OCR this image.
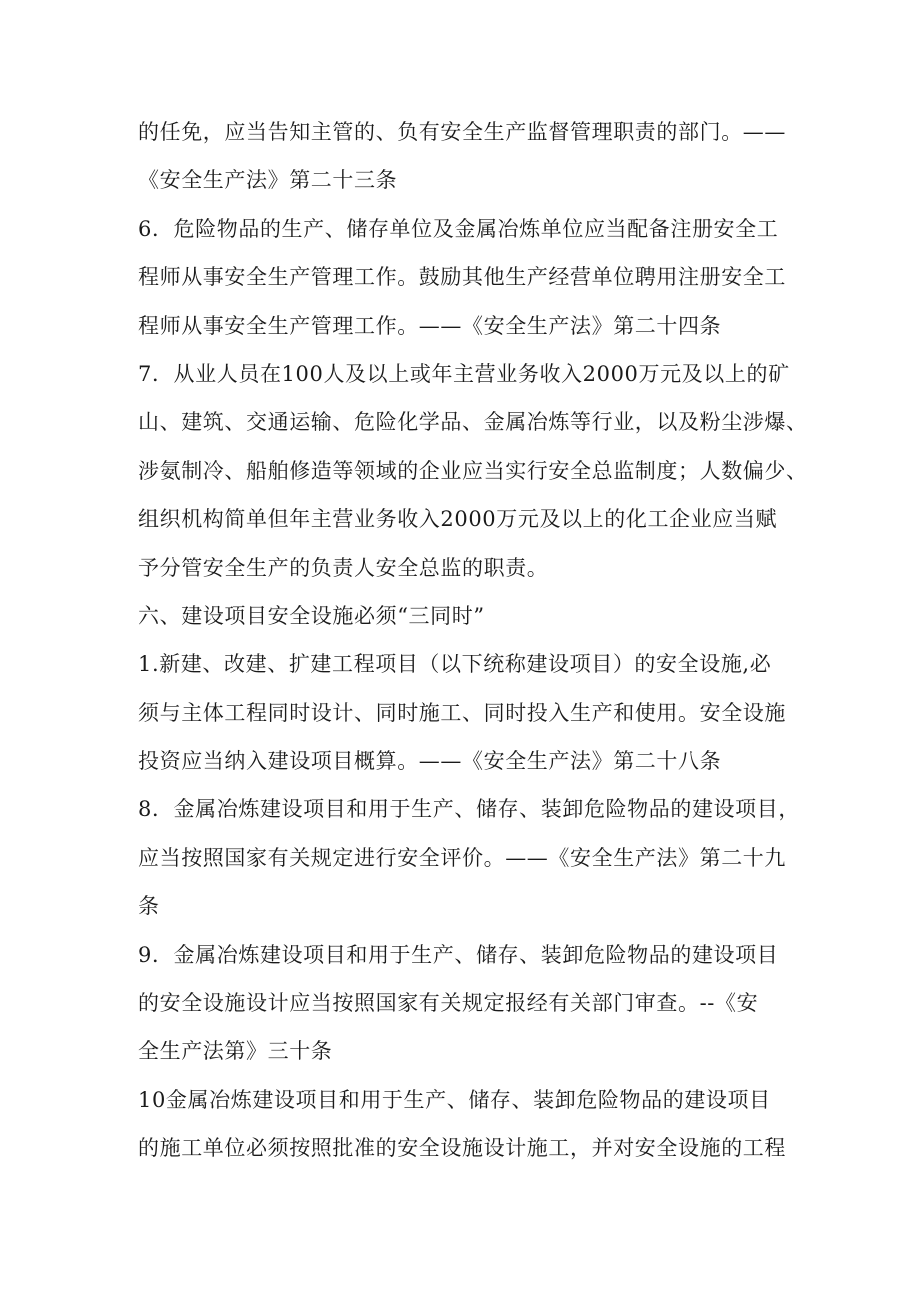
的任免，应当告知主管的、负有安全生产监督管理职责的部门。——
《安全生产法》第二十三条
6．危险物品的生产、储存单位及金属冶炼单位应当配备注册安全工
程师从事安全生产管理工作。鼓励其他生产经营单位聘用注册安全工
程师从事安全生产管理工作。——《安全生产法》第二十四条
7．从业人员在100人及以上或年主营业务收入2000万元及以上的矿
山、建筑、交通运输、危险化学品、金属冶炼等行业，以及粉尘涉爆、
涉氨制冷、船舶修造等领域的企业应当实行安全总监制度；人数偏少、
组织机构简单但年主营业务收入2000万元及以上的化工企业应当赋
予分管安全生产的负责人安全总监的职责。
六、建设项目安全设施必须“三同时”
1.新建、改建、扩建工程项目（以下统称建设项目）的安全设施,必
须与主体工程同时设计、同时施工、同时投入生产和使用。安全设施
投资应当纳入建设项目概算。——《安全生产法》第二十八条
8．金属冶炼建设项目和用于生产、储存、装卸危险物品的建设项目，
应当按照国家有关规定进行安全评价。——《安全生产法》第二十九
条
9．金属冶炼建设项目和用于生产、储存、装卸危险物品的建设项目
的安全设施设计应当按照国家有关规定报经有关部门审查。--《安
全生产法第》三十条
10金属冶炼建设项目和用于生产、储存、装卸危险物品的建设项目
的施工单位必须按照批准的安全设施设计施工，并对安全设施的工程
